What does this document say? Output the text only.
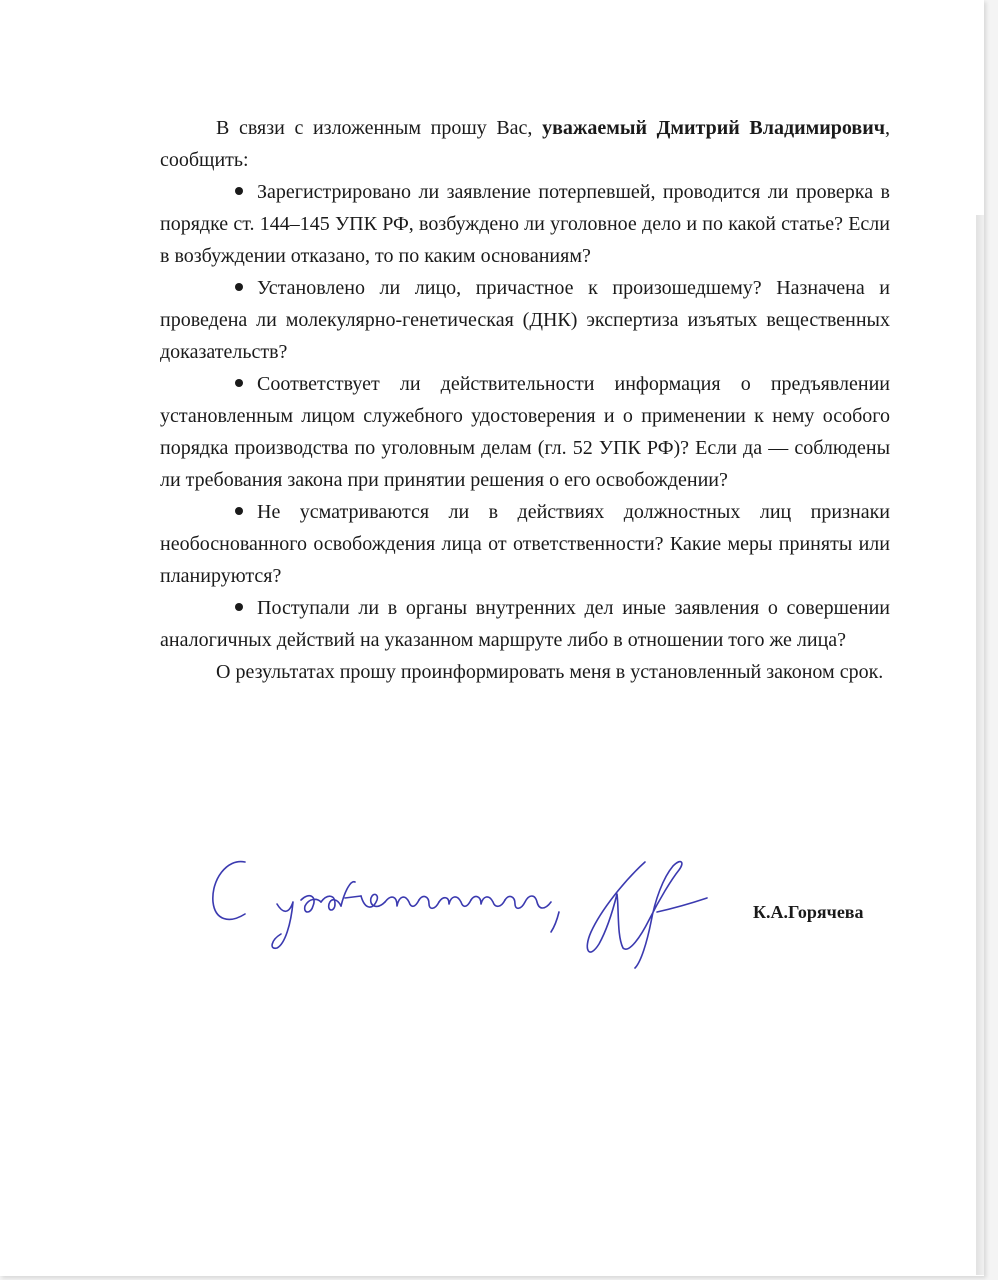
В связи с изложенным прошу Вас, уважаемый Дмитрий Владимирович, сообщить:

Зарегистрировано ли заявление потерпевшей, проводится ли проверка в порядке ст. 144–145 УПК РФ, возбуждено ли уголовное дело и по какой статье? Если в возбуждении отказано, то по каким основаниям?

Установлено ли лицо, причастное к произошедшему? Назначена и проведена ли молекулярно-генетическая (ДНК) экспертиза изъятых вещественных доказательств?

Соответствует ли действительности информация о предъявлении установленным лицом служебного удостоверения и о применении к нему особого порядка производства по уголовным делам (гл. 52 УПК РФ)? Если да — соблюдены ли требования закона при принятии решения о его освобождении?

Не усматриваются ли в действиях должностных лиц признаки необоснованного освобождения лица от ответственности? Какие меры приняты или планируются?

Поступали ли в органы внутренних дел иные заявления о совершении аналогичных действий на указанном маршруте либо в отношении того же лица?

О результатах прошу проинформировать меня в установленный законом срок.

К.А.Горячева
